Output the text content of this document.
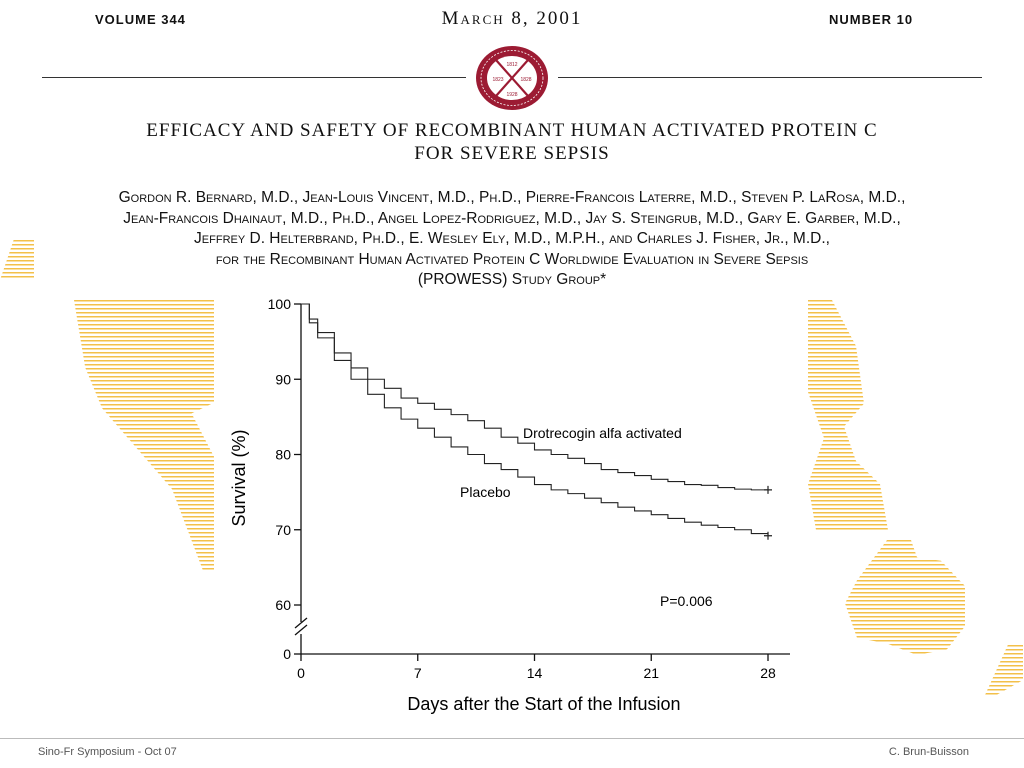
VOLUME 344	March 8, 2001	NUMBER 10
1812
1823	1828
1928
EFFICACY AND SAFETY OF RECOMBINANT HUMAN ACTIVATED PROTEIN C
FOR SEVERE SEPSIS
Gordon R. Bernard, M.D., Jean-Louis Vincent, M.D., Ph.D., Pierre-Francois Laterre, M.D., Steven P. LaRosa, M.D.,
Jean-Francois Dhainaut, M.D., Ph.D., Angel Lopez-Rodriguez, M.D., Jay S. Steingrub, M.D., Gary E. Garber, M.D.,
Jeffrey D. Helterbrand, Ph.D., E. Wesley Ely, M.D., M.P.H., and Charles J. Fisher, Jr., M.D.,
for the Recombinant Human Activated Protein C Worldwide Evaluation in Severe Sepsis
(PROWESS) Study Group*
0
60
70
80
90
100
0	7	14	21	28
Survival (%)
Days after the Start of the Infusion
Drotrecogin alfa activated
Placebo
P=0.006
Sino-Fr Symposium - Oct 07	C. Brun-Buisson
